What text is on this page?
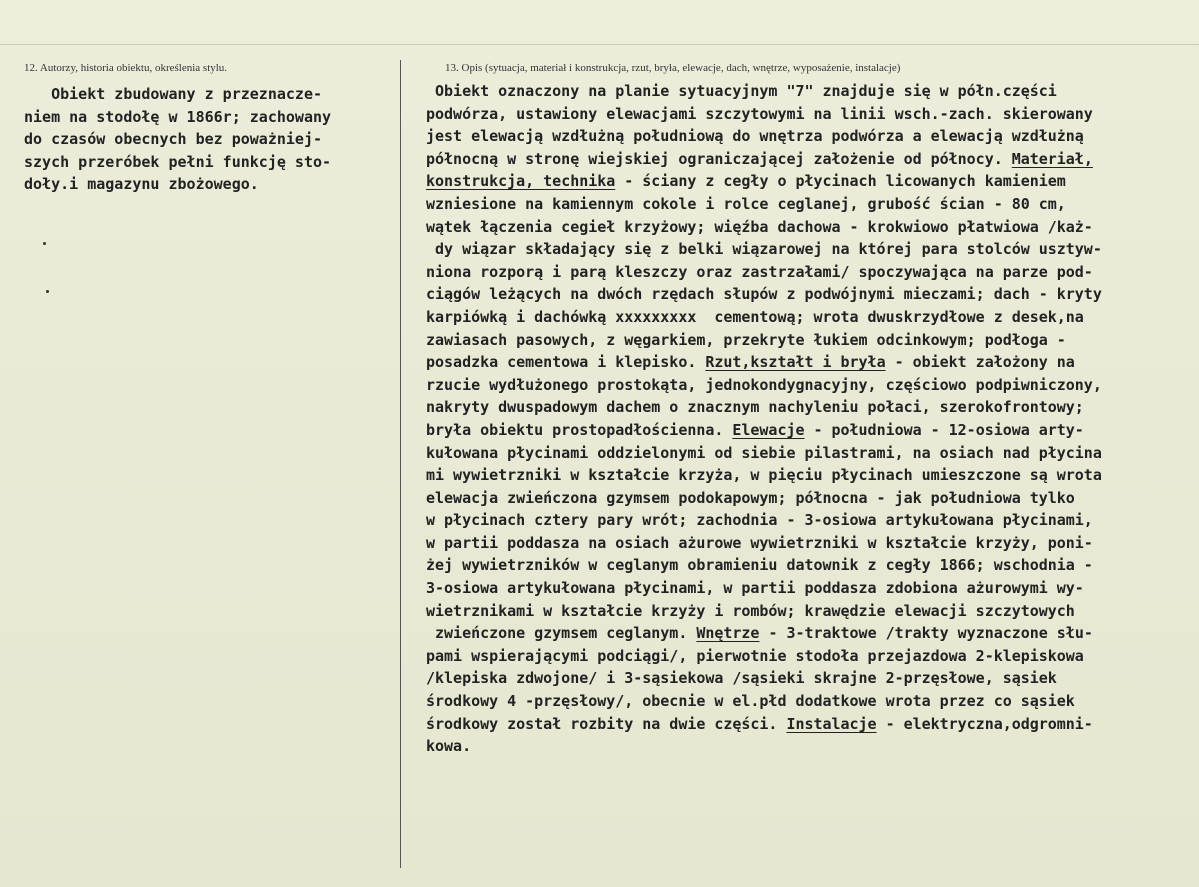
12. Autorzy, historia obiektu, określenia stylu.	13. Opis (sytuacja, materiał i konstrukcja, rzut, bryła, elewacje, dach, wnętrze, wyposażenie, instalacje)
Obiekt zbudowany z przeznacze-
niem na stodołę w 1866r; zachowany
do czasów obecnych bez poważniej-
szych przeróbek pełni funkcję sto-
doły.i magazynu zbożowego.
Obiekt oznaczony na planie sytuacyjnym "7" znajduje się w półn.części
podwórza, ustawiony elewacjami szczytowymi na linii wsch.-zach. skierowany
jest elewacją wzdłużną południową do wnętrza podwórza a elewacją wzdłużną
północną w stronę wiejskiej ograniczającej założenie od północy. Materiał,
konstrukcja, technika - ściany z cegły o płycinach licowanych kamieniem
wzniesione na kamiennym cokole i rolce ceglanej, grubość ścian - 80 cm,
wątek łączenia cegieł krzyżowy; więźba dachowa - krokwiowo płatwiowa /każ-
dy wiązar składający się z belki wiązarowej na której para stolców usztyw-
niona rozporą i parą kleszczy oraz zastrzałami/ spoczywająca na parze pod-
ciągów leżących na dwóch rzędach słupów z podwójnymi mieczami; dach - kryty
karpiówką i dachówką xxxxxxxxx  cementową; wrota dwuskrzydłowe z desek,na
zawiasach pasowych, z węgarkiem, przekryte łukiem odcinkowym; podłoga -
posadzka cementowa i klepisko. Rzut,kształt i bryła - obiekt założony na
rzucie wydłużonego prostokąta, jednokondygnacyjny, częściowo podpiwniczony,
nakryty dwuspadowym dachem o znacznym nachyleniu połaci, szerokofrontowy;
bryła obiektu prostopadłościenna. Elewacje - południowa - 12-osiowa arty-
kułowana płycinami oddzielonymi od siebie pilastrami, na osiach nad płycina
mi wywietrzniki w kształcie krzyża, w pięciu płycinach umieszczone są wrota
elewacja zwieńczona gzymsem podokapowym; północna - jak południowa tylko
w płycinach cztery pary wrót; zachodnia - 3-osiowa artykułowana płycinami,
w partii poddasza na osiach ażurowe wywietrzniki w kształcie krzyży, poni-
żej wywietrzników w ceglanym obramieniu datownik z cegły 1866; wschodnia -
3-osiowa artykułowana płycinami, w partii poddasza zdobiona ażurowymi wy-
wietrznikami w kształcie krzyży i rombów; krawędzie elewacji szczytowych
zwieńczone gzymsem ceglanym. Wnętrze - 3-traktowe /trakty wyznaczone słu-
pami wspierającymi podciągi/, pierwotnie stodoła przejazdowa 2-klepiskowa
/klepiska zdwojone/ i 3-sąsiekowa /sąsieki skrajne 2-przęsłowe, sąsiek
środkowy 4 -przęsłowy/, obecnie w el.płd dodatkowe wrota przez co sąsiek
środkowy został rozbity na dwie części. Instalacje - elektryczna,odgromni-
kowa.
